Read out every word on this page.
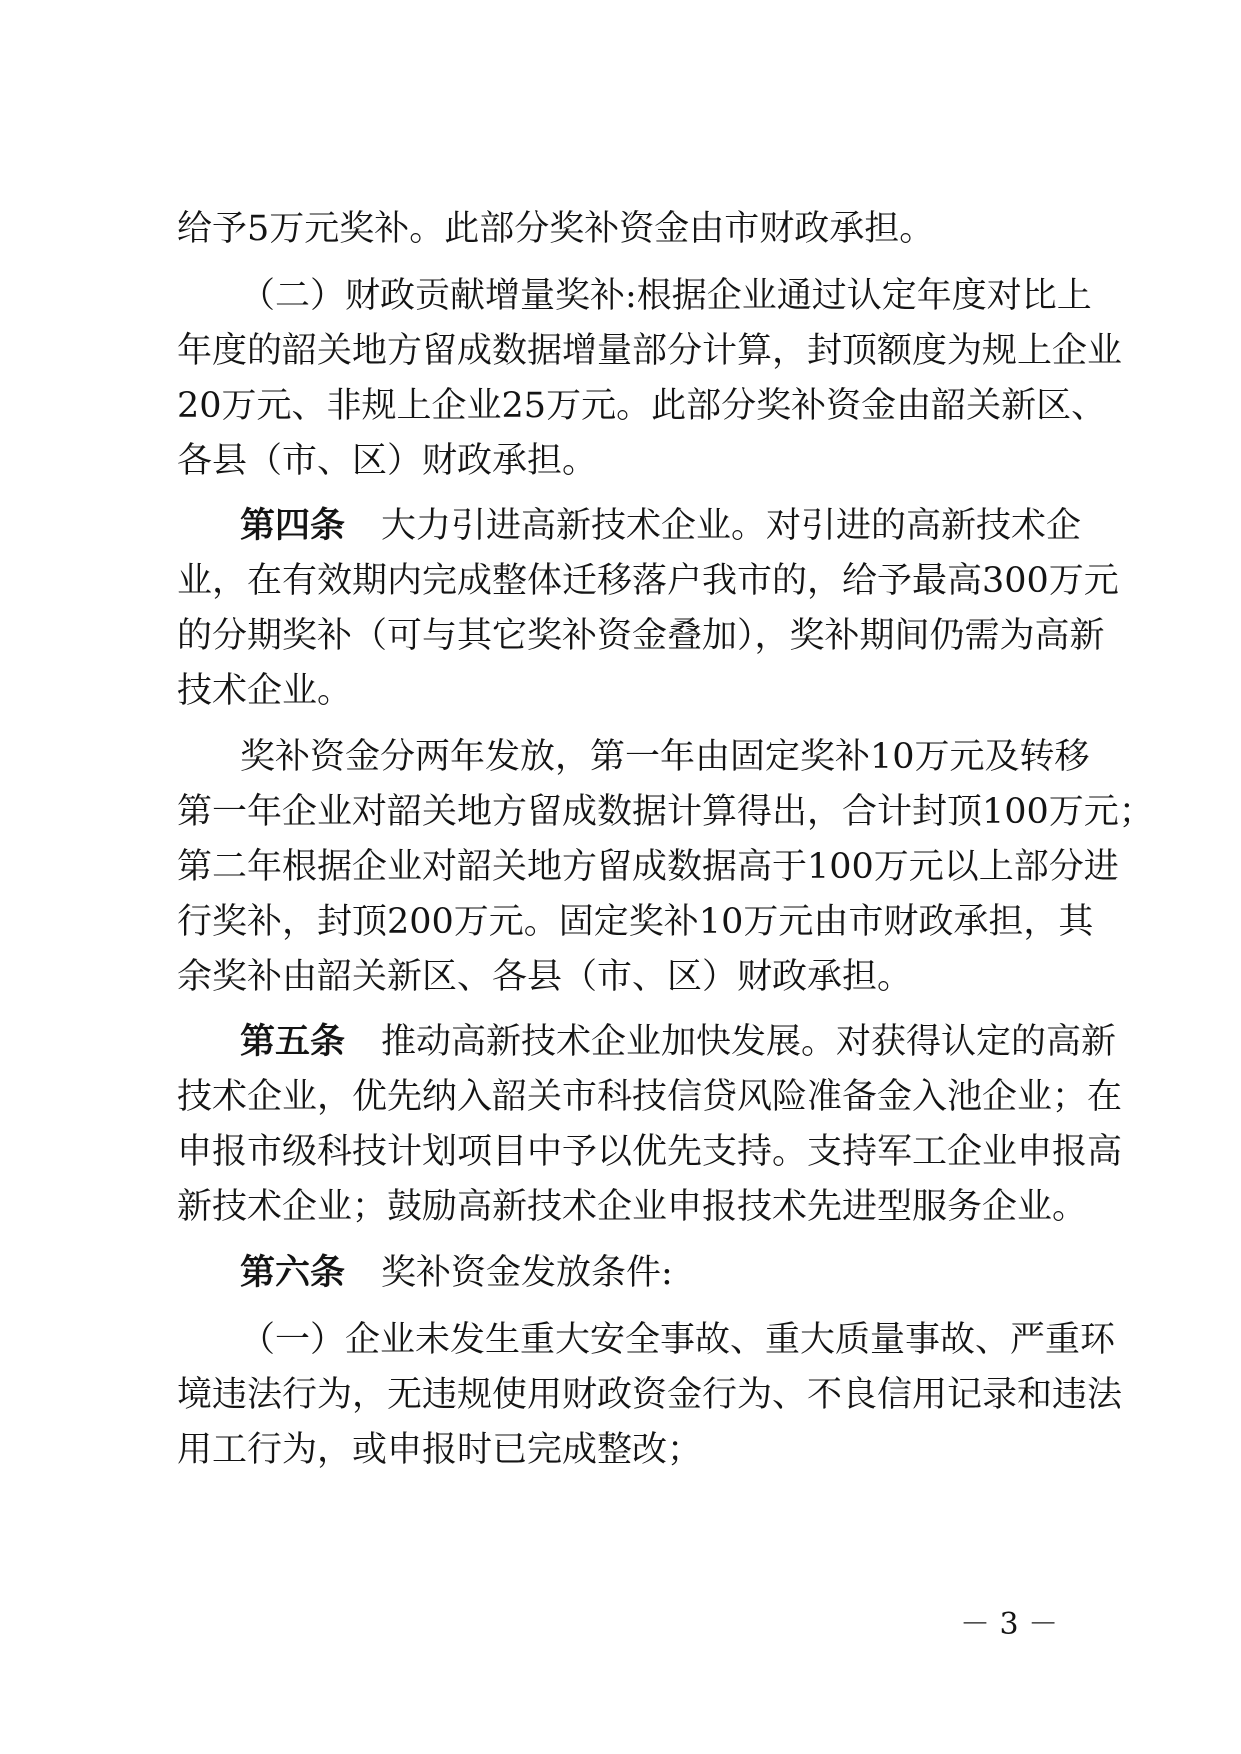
给予5万元奖补。此部分奖补资金由市财政承担。
（二）财政贡献增量奖补:根据企业通过认定年度对比上
年度的韶关地方留成数据增量部分计算，封顶额度为规上企业
20万元、非规上企业25万元。此部分奖补资金由韶关新区、
各县（市、区）财政承担。
第四条 大力引进高新技术企业。对引进的高新技术企
业，在有效期内完成整体迁移落户我市的，给予最高300万元
的分期奖补（可与其它奖补资金叠加），奖补期间仍需为高新
技术企业。
奖补资金分两年发放，第一年由固定奖补10万元及转移
第一年企业对韶关地方留成数据计算得出，合计封顶100万元；
第二年根据企业对韶关地方留成数据高于100万元以上部分进
行奖补，封顶200万元。固定奖补10万元由市财政承担，其
余奖补由韶关新区、各县（市、区）财政承担。
第五条 推动高新技术企业加快发展。对获得认定的高新
技术企业，优先纳入韶关市科技信贷风险准备金入池企业；在
申报市级科技计划项目中予以优先支持。支持军工企业申报高
新技术企业；鼓励高新技术企业申报技术先进型服务企业。
第六条 奖补资金发放条件:
（一）企业未发生重大安全事故、重大质量事故、严重环
境违法行为，无违规使用财政资金行为、不良信用记录和违法
用工行为，或申报时已完成整改；
－ 3 －
